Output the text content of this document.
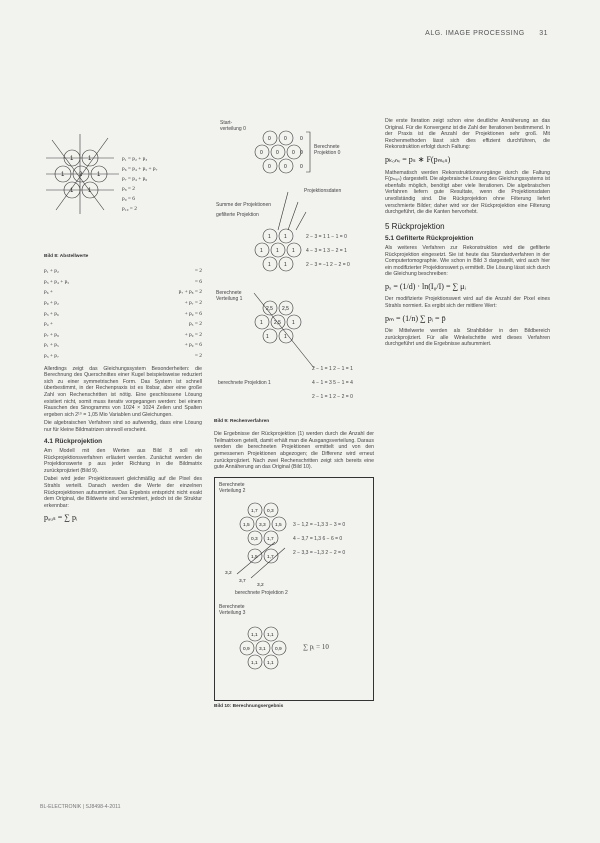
ALG. IMAGE PROCESSING 31
1 1
1 2 1
1 1
p₁ = p₂ + p₃
p₆ = p₄ + p₅ + p₇
p₇ = p₄ + p₆
p₈ = 2
p₉ = 6
p₁₀ = 2
Bild 8: Abstellwerte
p₁ + p₂	= 2
p₃ + p₄ + p₅	= 6
p₆ +	p₇ + p₈ = 2
p₉ + p₂	+ p₇ = 2
p₃ + p₆	+ p₉ = 6
p₄ +	p₅ = 2
p₇ + p₈	+ p₉ = 2
p₁ + p₅	+ p₉ = 6
p₃ + p₇	= 2

Allerdings zeigt das Gleichungssystem Besonderheiten: die Berechnung des Querschnittes einer Kugel beispielsweise reduziert sich zu einer symmetrischen Form. Das System ist schnell überbestimmt, in der Rechenpraxis ist es lösbar, aber eine große Zahl von Rechenschritten ist nötig. Eine geschlossene Lösung existiert nicht, somit muss iterativ vorgegangen werden: bei einem Rauschen des Sinogramms von 1024 × 1024 Zeilen und Spalten ergeben sich 2¹⁰ = 1,05 Mio Variablen und Gleichungen.

Die algebraischen Verfahren sind so aufwendig, dass eine Lösung nur für kleine Bildmatrizen sinnvoll erscheint.

4.1 Rückprojektion

Am Modell mit den Werten aus Bild 8 soll ein Rückprojektionsverfahren erläutert werden. Zunächst werden die Projektionswerte p aus jeder Richtung in die Bildmatrix zurückprojiziert (Bild 9).

Dabei wird jeder Projektionswert gleichmäßig auf die Pixel des Strahls verteilt. Danach werden die Werte der einzelnen Rückprojektionen aufsummiert. Das Ergebnis entspricht nicht exakt dem Original, die Bildwerte sind verschmiert, jedoch ist die Struktur erkennbar:

pₐᵤₛ = ∑ pᵢ
0	0
0	0	0
0	0
0
0
0
1	1
1	1	1
1	1
2,5 2,5
1 2,5 1
1	1
Start-
verteilung 0
Berechnete
Projektion 0
Projektionsdaten
Summe der Projektionen
gefilterte Projektion
2 − 3 = 1 1 − 1 = 0
4 − 3 = 1 3 − 2 = 1
2 − 3 = −1 2 − 2 = 0
Berechnete
Verteilung 1
berechnete Projektion 1
2 − 1 = 1 2 − 1 = 1
4 − 1 = 3 5 − 1 = 4
2 − 1 = 1 2 − 2 = 0
Bild 9: Rechenverfahren

Die Ergebnisse der Rückprojektion (1) werden durch die Anzahl der Teilmatrixen geteilt, damit erhält man die Ausgangsverteilung. Daraus werden die berechneten Projektionen ermittelt und von den gemessenen Projektionen abgezogen; die Differenz wird erneut zurückprojiziert. Nach zwei Rechenschritten zeigt sich bereits eine gute Annäherung an das Original (Bild 10).

1,7 0,3
1,5 3,3 1,5
0,3 1,7
1,5 1,7
3,2
3,7
3,2
1,1 1,1
0,9 3,1 0,9
1,1 1,1
Berechnete
Verteilung 2
3 − 1,2 = −1,3 3 − 3 = 0
4 − 3,7 = 1,3 6 − 6 = 0
2 − 3,3 = −1,3 2 − 2 = 0
berechnete Projektion 2
Berechnete
Verteilung 3
∑ pᵢ = 10
Bild 10: Berechnungsergebnis

Die erste Iteration zeigt schon eine deutliche Annäherung an das Original. Für die Konvergenz ist die Zahl der Iterationen bestimmend. In der Praxis ist die Anzahl der Projektionen sehr groß. Mit Rechenmethoden lässt sich dies effizient durchführen, die Rekonstruktion erfolgt durch Faltung:

pₖₒₙᵥ = pₛ ∗ F(pₘₑₛ)

Mathematisch werden Rekonstruktionsvorgänge durch die Faltung F(pₘₑₛ) dargestellt. Die algebraische Lösung des Gleichungssystems ist ebenfalls möglich, benötigt aber viele Iterationen. Die algebraischen Verfahren liefern gute Resultate, wenn die Projektionsdaten unvollständig sind. Die Rückprojektion ohne Filterung liefert verschmierte Bilder; daher wird vor der Rückprojektion eine Filterung durchgeführt, die die Kanten hervorhebt.

5 Rückprojektion
5.1 Gefilterte Rückprojektion

Als weiteres Verfahren zur Rekonstruktion wird die gefilterte Rückprojektion eingesetzt. Sie ist heute das Standardverfahren in der Computertomographie. Wie schon in Bild 3 dargestellt, wird auch hier ein modifizierter Projektionswert pᵢ ermittelt. Die Lösung lässt sich durch die Gleichung beschreiben:

pₓ = (1/d) · ln(I₀/I) = ∑ μᵢ

Der modifizierte Projektionswert wird auf die Anzahl der Pixel eines Strahls normiert. Es ergibt sich der mittlere Wert:

pₘ = (1/n) ∑ pᵢ = p̄

Die Mittelwerte werden als Strahlbilder in den Bildbereich zurückprojiziert. Für alle Winkelschritte wird dieses Verfahren durchgeführt und die Ergebnisse aufsummiert.

BL-ELECTRONIK | SJ8498-4-2011
